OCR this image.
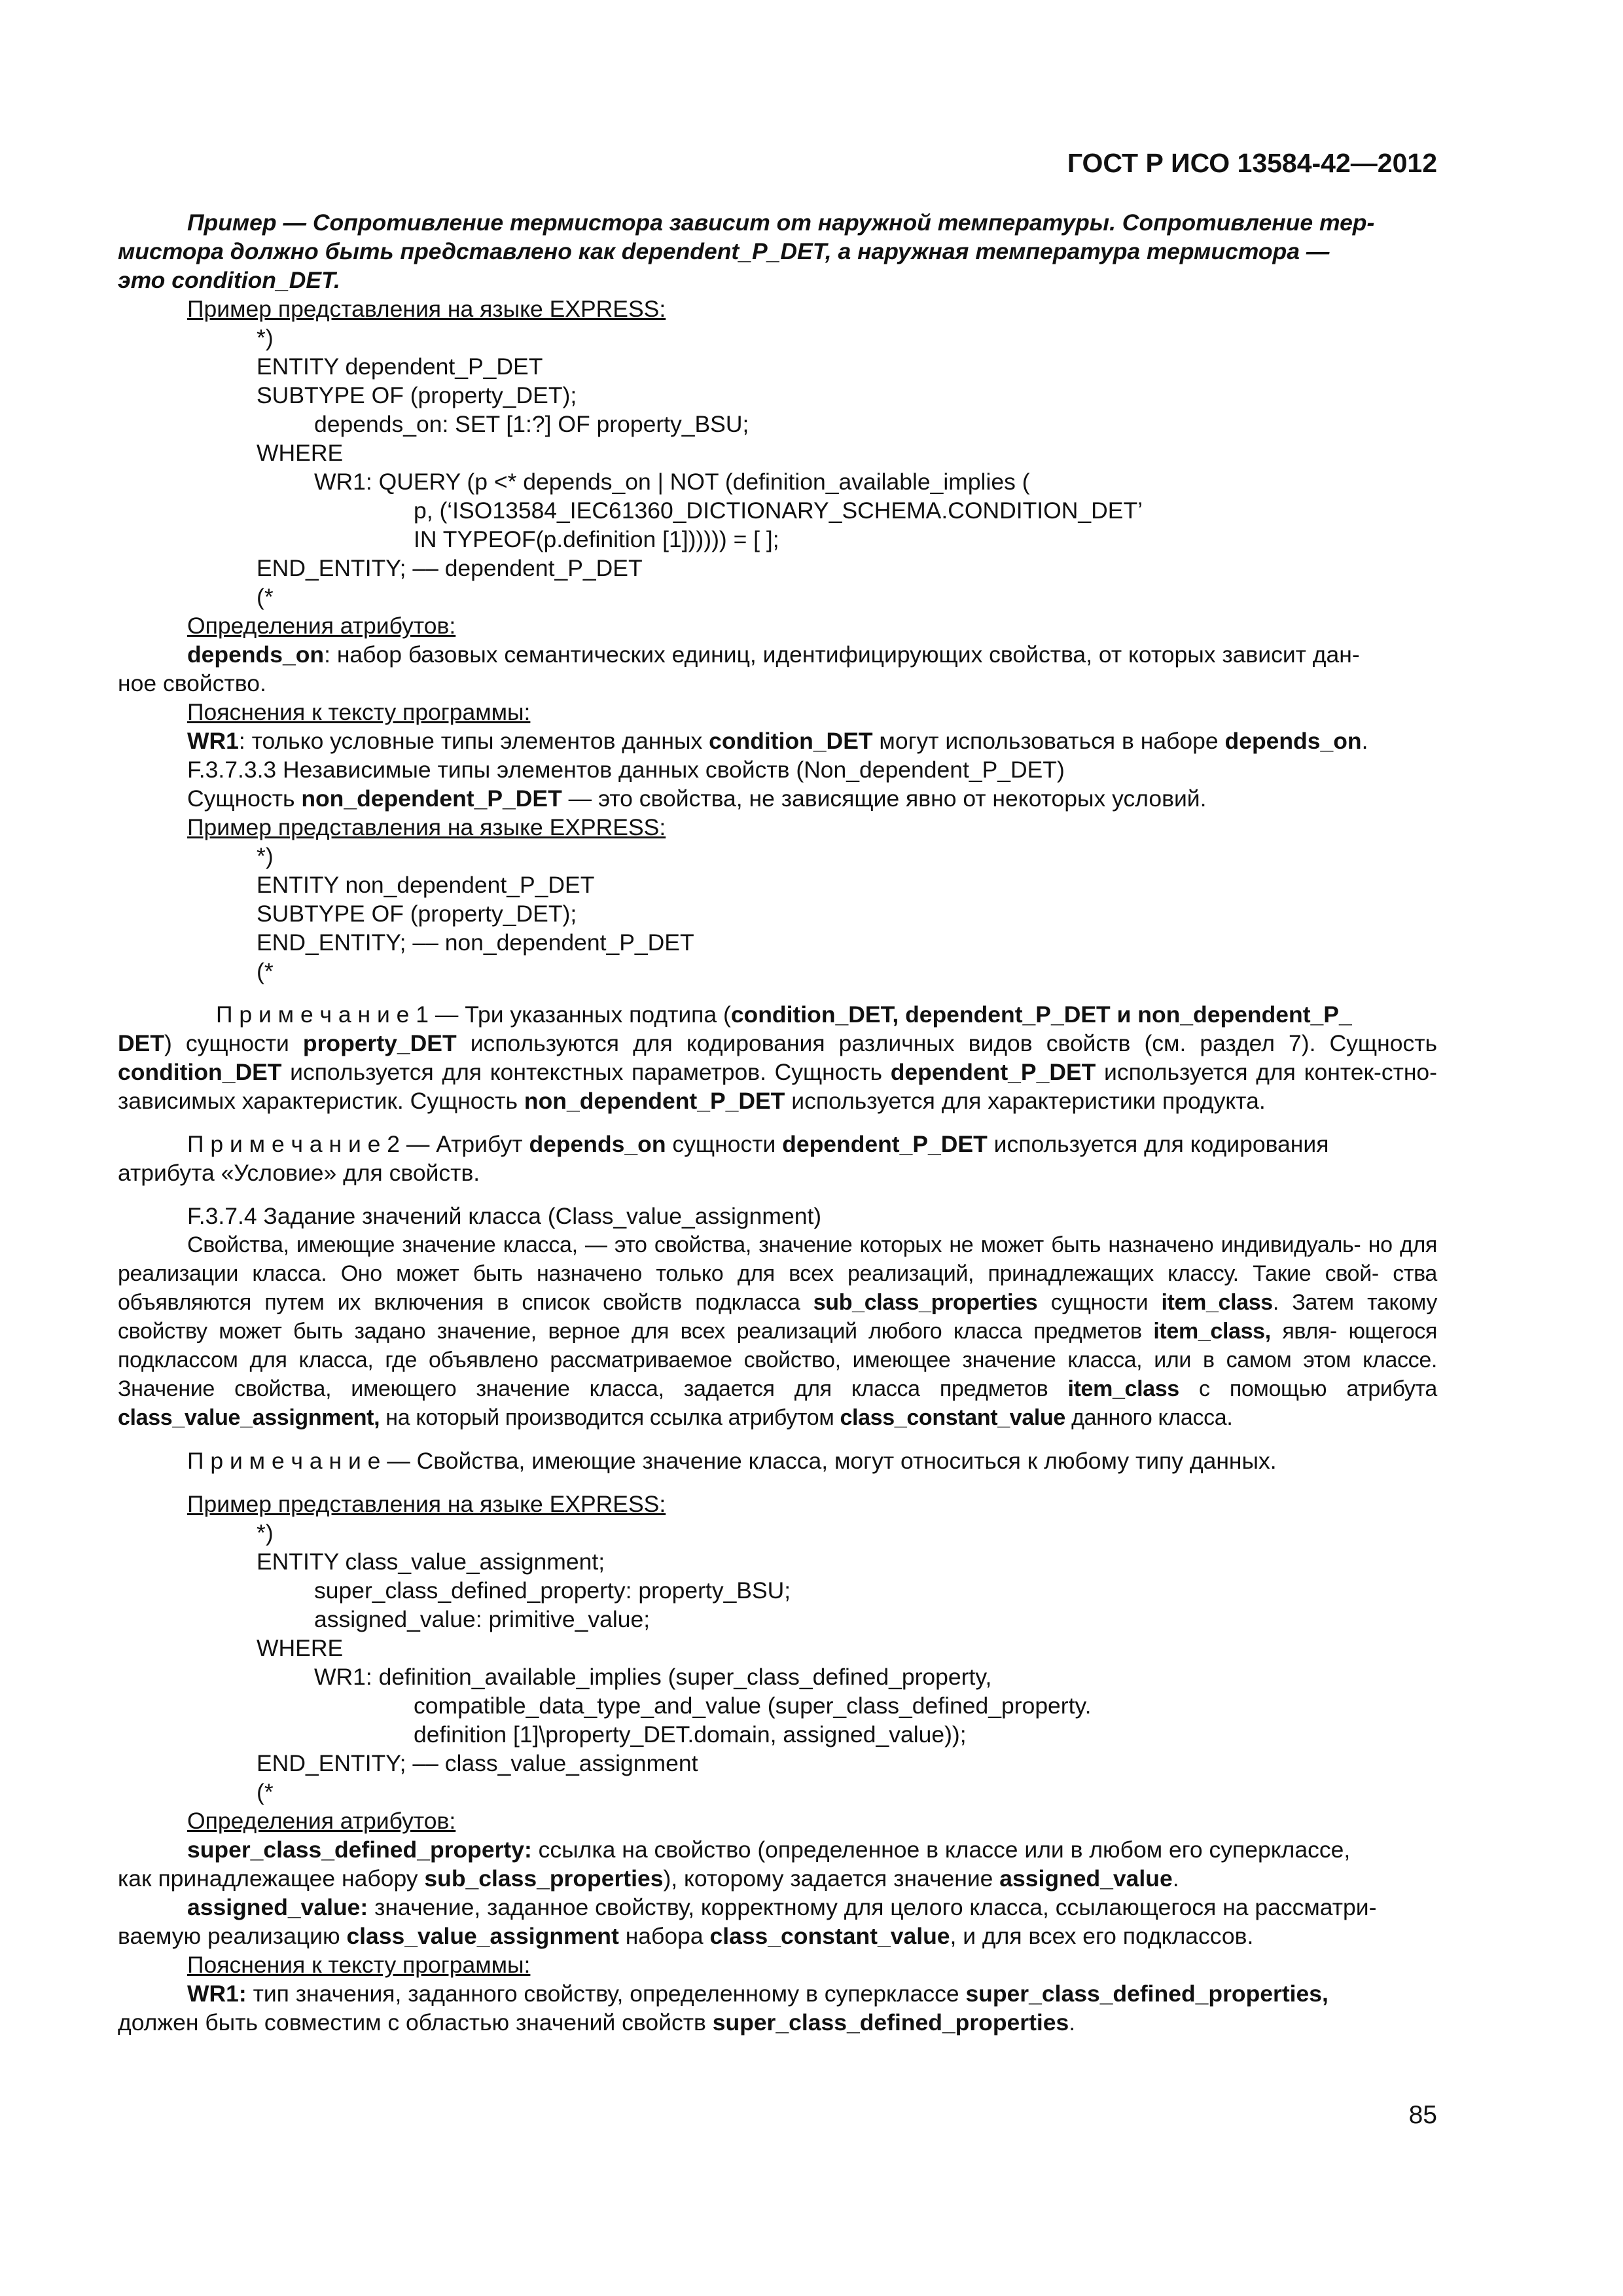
ГОСТ Р ИСО 13584-42—2012
Пример — Сопротивление термистора зависит от наружной температуры. Сопротивление тер-
мистора должно быть представлено как dependent_P_DET, а наружная температура термистора —
это condition_DET.
Пример представления на языке EXPRESS:
*)
ENTITY dependent_P_DET
SUBTYPE OF (property_DET);
depends_on: SET [1:?] OF property_BSU;
WHERE
WR1: QUERY (p <* depends_on | NOT (definition_available_implies (
p, (‘ISO13584_IEC61360_DICTIONARY_SCHEMA.CONDITION_DET’
IN TYPEOF(p.definition [1]))))) = [ ];
END_ENTITY; –– dependent_P_DET
(*
Определения атрибутов:
depends_on: набор базовых семантических единиц, идентифицирующих свойства, от которых зависит дан-
ное свойство.
Пояснения к тексту программы:
WR1: только условные типы элементов данных condition_DET могут использоваться в наборе depends_on.
F.3.7.3.3 Независимые типы элементов данных свойств (Non_dependent_P_DET)
Сущность non_dependent_P_DET — это свойства, не зависящие явно от некоторых условий.
Пример представления на языке EXPRESS:
*)
ENTITY non_dependent_P_DET
SUBTYPE OF (property_DET);
END_ENTITY; –– non_dependent_P_DET
(*
П р и м е ч а н и е 1 — Три указанных подтипа (condition_DET, dependent_P_DET и non_dependent_P_
DET) сущности property_DET используются для кодирования различных видов свойств (см. раздел 7). Сущность condition_DET используется для контекстных параметров. Сущность dependent_P_DET используется для контек-стно-зависимых характеристик. Сущность non_dependent_P_DET используется для характеристики продукта.
П р и м е ч а н и е 2 — Атрибут depends_on сущности dependent_P_DET используется для кодирования
атрибута «Условие» для свойств.
F.3.7.4 Задание значений класса (Class_value_assignment)
Свойства, имеющие значение класса, — это свойства, значение которых не может быть назначено индивидуаль- но для реализации класса. Оно может быть назначено только для всех реализаций, принадлежащих классу. Такие свой- ства объявляются путем их включения в список свойств подкласса sub_class_properties сущности item_class. Затем такому свойству может быть задано значение, верное для всех реализаций любого класса предметов item_class, явля- ющегося подклассом для класса, где объявлено рассматриваемое свойство, имеющее значение класса, или в самом этом классе. Значение свойства, имеющего значение класса, задается для класса предметов item_class с помощью атрибута class_value_assignment, на который производится ссылка атрибутом class_constant_value данного класса.
П р и м е ч а н и е — Свойства, имеющие значение класса, могут относиться к любому типу данных.
Пример представления на языке EXPRESS:
*)
ENTITY class_value_assignment;
super_class_defined_property: property_BSU;
assigned_value: primitive_value;
WHERE
WR1: definition_available_implies (super_class_defined_property,
compatible_data_type_and_value (super_class_defined_property.
definition [1]\property_DET.domain, assigned_value));
END_ENTITY; –– class_value_assignment
(*
Определения атрибутов:
super_class_defined_property: ссылка на свойство (определенное в классе или в любом его суперклассе,
как принадлежащее набору sub_class_properties), которому задается значение assigned_value.
assigned_value: значение, заданное свойству, корректному для целого класса, ссылающегося на рассматри-
ваемую реализацию class_value_assignment набора class_constant_value, и для всех его подклассов.
Пояснения к тексту программы:
WR1: тип значения, заданного свойству, определенному в суперклассе super_class_defined_properties,
должен быть совместим с областью значений свойств super_class_defined_properties.
85
